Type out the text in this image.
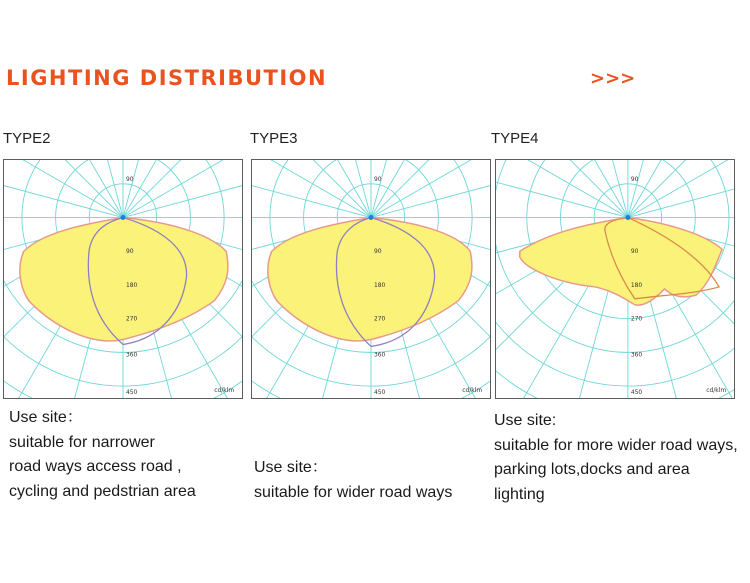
LIGHTING DISTRIBUTION	>>>
TYPE2
90
90
180
270
360
450	cd/klm
Use site：
suitable for narrower
road ways access road ,
cycling and pedstrian area
TYPE3
90
90
180
270
360
450	cd/klm
Use site：
suitable for wider road ways
TYPE4
90
90
180
270
360
450	cd/klm
Use site:
suitable for more wider road ways,
parking lots,docks and area
lighting
